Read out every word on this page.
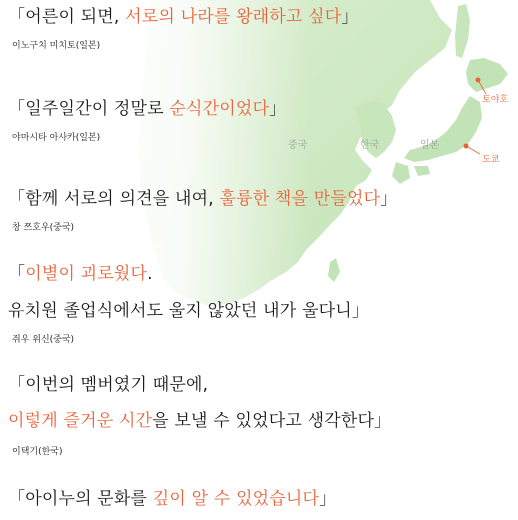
중국	한국	일본
토야호
도쿄
「어른이 되면, 서로의 나라를 왕래하고 싶다」
이노구치 미치토(일본)
「일주일간이 정말로 순식간이었다」
야마시타 아사카(일본)
「함께 서로의 의견을 내여, 훌륭한 책을 만들었다」
창 쯔호우(중국)
「이별이 괴로웠다.
유치원 졸업식에서도 울지 않았던 내가 울다니」
쥐우 위신(중국)
「이번의 멤버였기 때문에,
이렇게 즐거운 시간을 보낼 수 있었다고 생각한다」
이택기(한국)
「아이누의 문화를 깊이 알 수 있었습니다」
